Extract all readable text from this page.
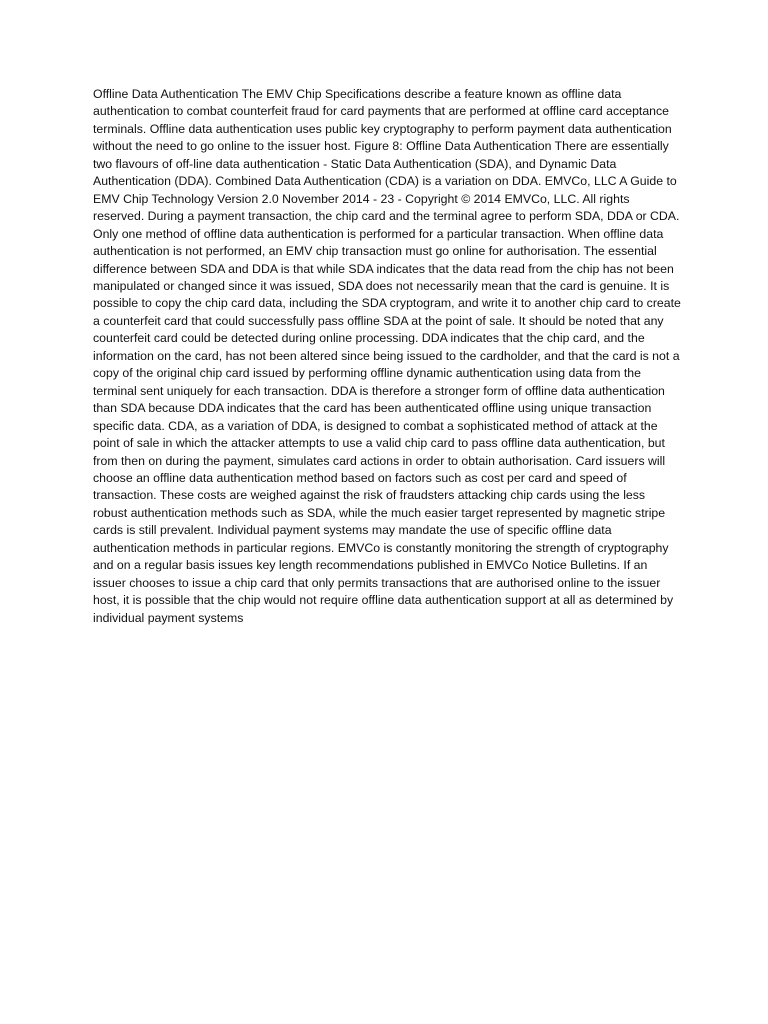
Offline Data Authentication The EMV Chip Specifications describe a feature known as offline data authentication to combat counterfeit fraud for card payments that are performed at offline card acceptance terminals. Offline data authentication uses public key cryptography to perform payment data authentication without the need to go online to the issuer host. Figure 8: Offline Data Authentication There are essentially two flavours of off-line data authentication - Static Data Authentication (SDA), and Dynamic Data Authentication (DDA). Combined Data Authentication (CDA) is a variation on DDA. EMVCo, LLC A Guide to EMV Chip Technology Version 2.0 November 2014 - 23 - Copyright © 2014 EMVCo, LLC. All rights reserved. During a payment transaction, the chip card and the terminal agree to perform SDA, DDA or CDA. Only one method of offline data authentication is performed for a particular transaction. When offline data authentication is not performed, an EMV chip transaction must go online for authorisation. The essential difference between SDA and DDA is that while SDA indicates that the data read from the chip has not been manipulated or changed since it was issued, SDA does not necessarily mean that the card is genuine. It is possible to copy the chip card data, including the SDA cryptogram, and write it to another chip card to create a counterfeit card that could successfully pass offline SDA at the point of sale. It should be noted that any counterfeit card could be detected during online processing. DDA indicates that the chip card, and the information on the card, has not been altered since being issued to the cardholder, and that the card is not a copy of the original chip card issued by performing offline dynamic authentication using data from the terminal sent uniquely for each transaction. DDA is therefore a stronger form of offline data authentication than SDA because DDA indicates that the card has been authenticated offline using unique transaction specific data. CDA, as a variation of DDA, is designed to combat a sophisticated method of attack at the point of sale in which the attacker attempts to use a valid chip card to pass offline data authentication, but from then on during the payment, simulates card actions in order to obtain authorisation. Card issuers will choose an offline data authentication method based on factors such as cost per card and speed of transaction. These costs are weighed against the risk of fraudsters attacking chip cards using the less robust authentication methods such as SDA, while the much easier target represented by magnetic stripe cards is still prevalent. Individual payment systems may mandate the use of specific offline data authentication methods in particular regions. EMVCo is constantly monitoring the strength of cryptography and on a regular basis issues key length recommendations published in EMVCo Notice Bulletins. If an issuer chooses to issue a chip card that only permits transactions that are authorised online to the issuer host, it is possible that the chip would not require offline data authentication support at all as determined by individual payment systems
